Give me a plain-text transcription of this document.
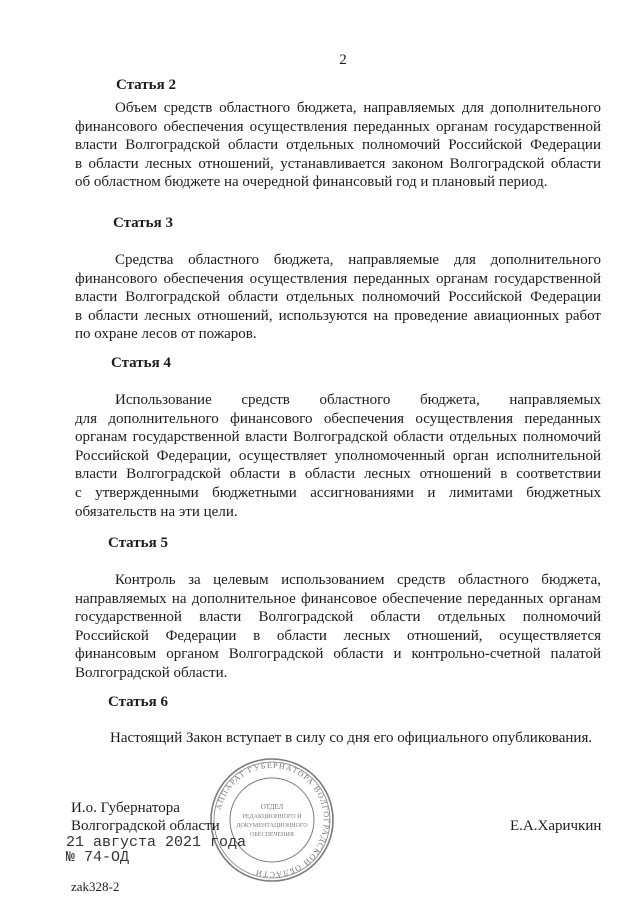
2
Статья 2
Объем средств областного бюджета, направляемых для дополнительного
финансового обеспечения осуществления переданных органам государственной
власти Волгоградской области отдельных полномочий Российской Федерации
в области лесных отношений, устанавливается законом Волгоградской области
об областном бюджете на очередной финансовый год и плановый период.
Статья 3
Средства областного бюджета, направляемые для дополнительного
финансового обеспечения осуществления переданных органам государственной
власти Волгоградской области отдельных полномочий Российской Федерации
в области лесных отношений, используются на проведение авиационных работ
по охране лесов от пожаров.
Статья 4
Использование средств областного бюджета, направляемых
для дополнительного финансового обеспечения осуществления переданных
органам государственной власти Волгоградской области отдельных полномочий
Российской Федерации, осуществляет уполномоченный орган исполнительной
власти Волгоградской области в области лесных отношений в соответствии
с утвержденными бюджетными ассигнованиями и лимитами бюджетных
обязательств на эти цели.
Статья 5
Контроль за целевым использованием средств областного бюджета,
направляемых на дополнительное финансовое обеспечение переданных органам
государственной власти Волгоградской области отдельных полномочий
Российской Федерации в области лесных отношений, осуществляется
финансовым органом Волгоградской области и контрольно-счетной палатой
Волгоградской области.
Статья 6
Настоящий Закон вступает в силу со дня его официального опубликования.
АППАРАТ ГУБЕРНАТОРА ВОЛГОГРАДСКОЙ ОБЛАСТИ
ОТДЕЛ
РЕДАКЦИОННОГО И
ДОКУМЕНТАЦИОННОГО
ОБЕСПЕЧЕНИЯ
И.о. Губернатора
Волгоградской области	Е.А.Харичкин
21 августа 2021 года
№ 74-ОД
zak328-2
